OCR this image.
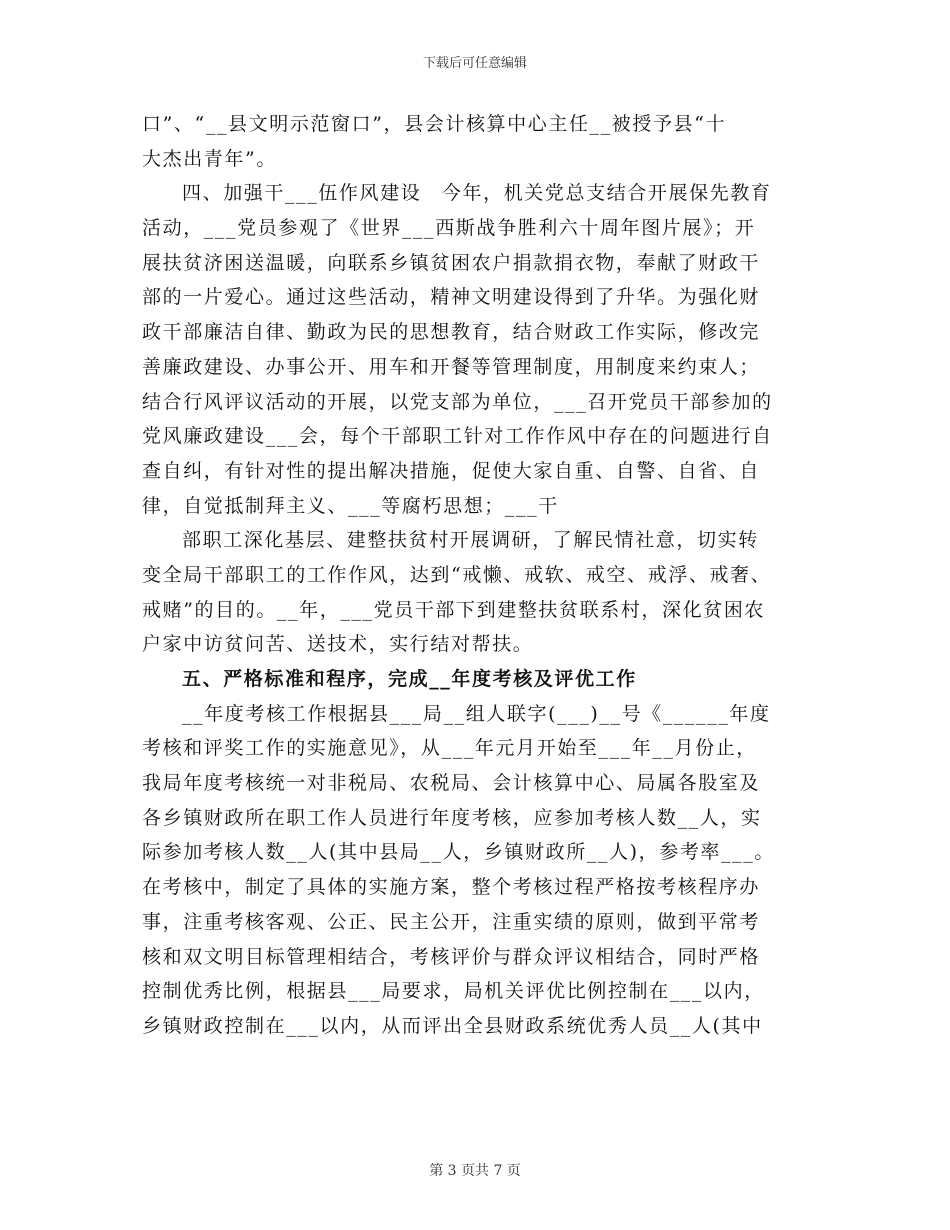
下载后可任意编辑
口”、“__县文明示范窗口”，县会计核算中心主任__被授予县“十
大杰出青年”。
四、加强干___伍作风建设　今年，机关党总支结合开展保先教育
活动，___党员参观了《世界___西斯战争胜利六十周年图片展》；开
展扶贫济困送温暖，向联系乡镇贫困农户捐款捐衣物，奉献了财政干
部的一片爱心。通过这些活动，精神文明建设得到了升华。为强化财
政干部廉洁自律、勤政为民的思想教育，结合财政工作实际，修改完
善廉政建设、办事公开、用车和开餐等管理制度，用制度来约束人；
结合行风评议活动的开展，以党支部为单位，___召开党员干部参加的
党风廉政建设___会，每个干部职工针对工作作风中存在的问题进行自
查自纠，有针对性的提出解决措施，促使大家自重、自警、自省、自
律，自觉抵制拜主义、___等腐朽思想；___干
部职工深化基层、建整扶贫村开展调研，了解民情社意，切实转
变全局干部职工的工作作风，达到“戒懒、戒软、戒空、戒浮、戒奢、
戒赌”的目的。__年，___党员干部下到建整扶贫联系村，深化贫困农
户家中访贫问苦、送技术，实行结对帮扶。
五、严格标准和程序，完成__年度考核及评优工作
__年度考核工作根据县___局__组人联字(___)__号《______年度
考核和评奖工作的实施意见》，从___年元月开始至___年__月份止，
我局年度考核统一对非税局、农税局、会计核算中心、局属各股室及
各乡镇财政所在职工作人员进行年度考核，应参加考核人数__人，实
际参加考核人数__人(其中县局__人，乡镇财政所__人)，参考率___。
在考核中，制定了具体的实施方案，整个考核过程严格按考核程序办
事，注重考核客观、公正、民主公开，注重实绩的原则，做到平常考
核和双文明目标管理相结合，考核评价与群众评议相结合，同时严格
控制优秀比例，根据县___局要求，局机关评优比例控制在___以内，
乡镇财政控制在___以内，从而评出全县财政系统优秀人员__人(其中
第 3 页共 7 页
